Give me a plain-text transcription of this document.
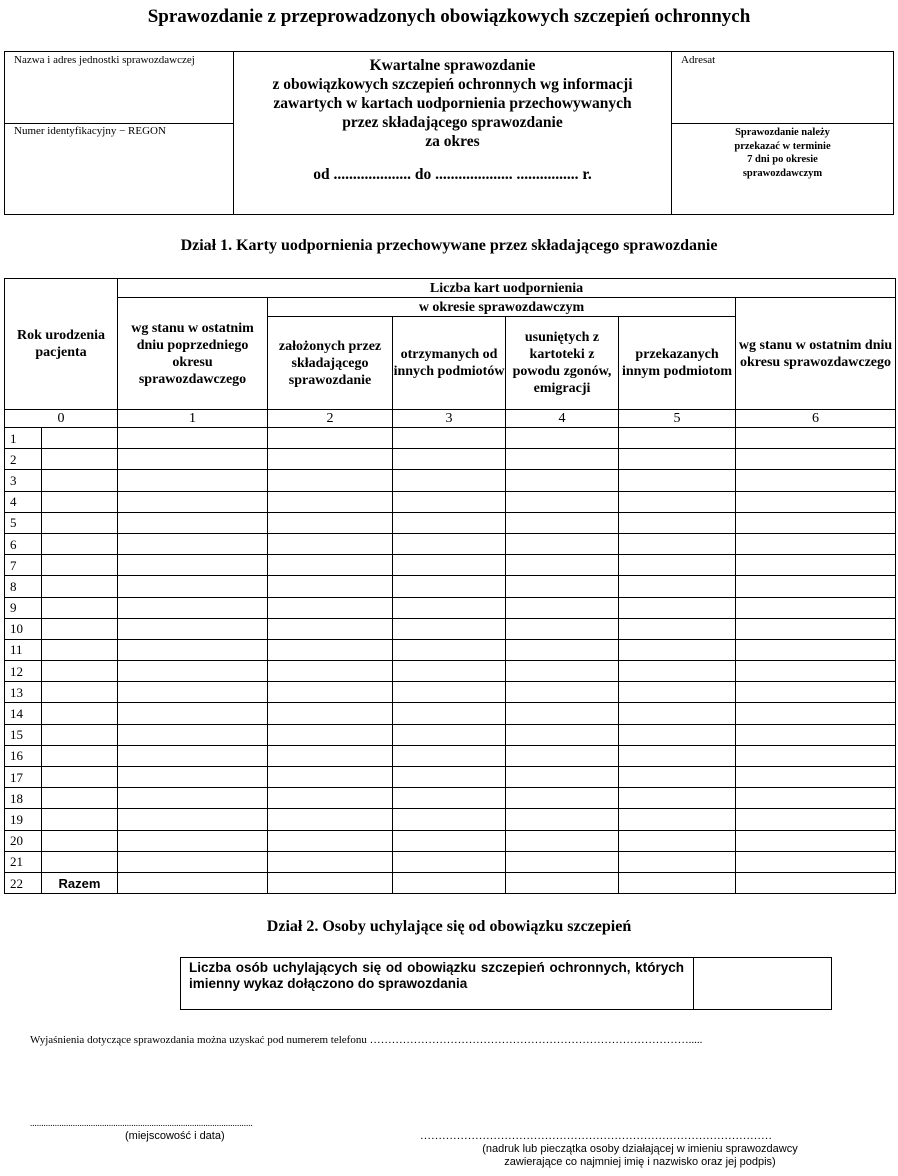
Sprawozdanie z przeprowadzonych obowiązkowych szczepień ochronnych
Nazwa i adres jednostki sprawozdawczej
Numer identyfikacyjny − REGON
Kwartalne sprawozdanie
z obowiązkowych szczepień ochronnych wg informacji
zawartych w kartach uodpornienia przechowywanych
przez składającego sprawozdanie
za okres
od .................... do .................... ................ r.
Adresat
Sprawozdanie należy
przekazać w terminie
7 dni po okresie
sprawozdawczym
Dział 1. Karty uodpornienia przechowywane przez składającego sprawozdanie
Rok urodzenia pacjenta		Liczba kart uodpornienia					
		wg stanu w ostatnim dniu poprzedniego okresu sprawozdawczego	w okresie sprawozdawczym				wg stanu w ostatnim dniu okresu sprawozdawczego
			założonych przez składającego sprawozdanie	otrzymanych od innych podmiotów	usuniętych z kartoteki z powodu zgonów, emigracji	przekazanych innym podmiotom	
0		1	2	3	4	5	6
1							
2							
3							
4							
5							
6							
7							
8							
9							
10							
11							
12							
13							
14							
15							
16							
17							
18							
19							
20							
21							
22	Razem						
Dział 2. Osoby uchylające się od obowiązku szczepień
Liczba osób uchylających się od obowiązku szczepień ochronnych, których imienny wykaz dołączono do sprawozdania
Wyjaśnienia dotyczące sprawozdania można uzyskać pod numerem telefonu …………………………………………………………………………….....
...................................................................................................
(miejscowość i data)	……………………………………………………………………………………
(nadruk lub pieczątka osoby działającej w imieniu sprawozdawcy
zawierające co najmniej imię i nazwisko oraz jej podpis)
